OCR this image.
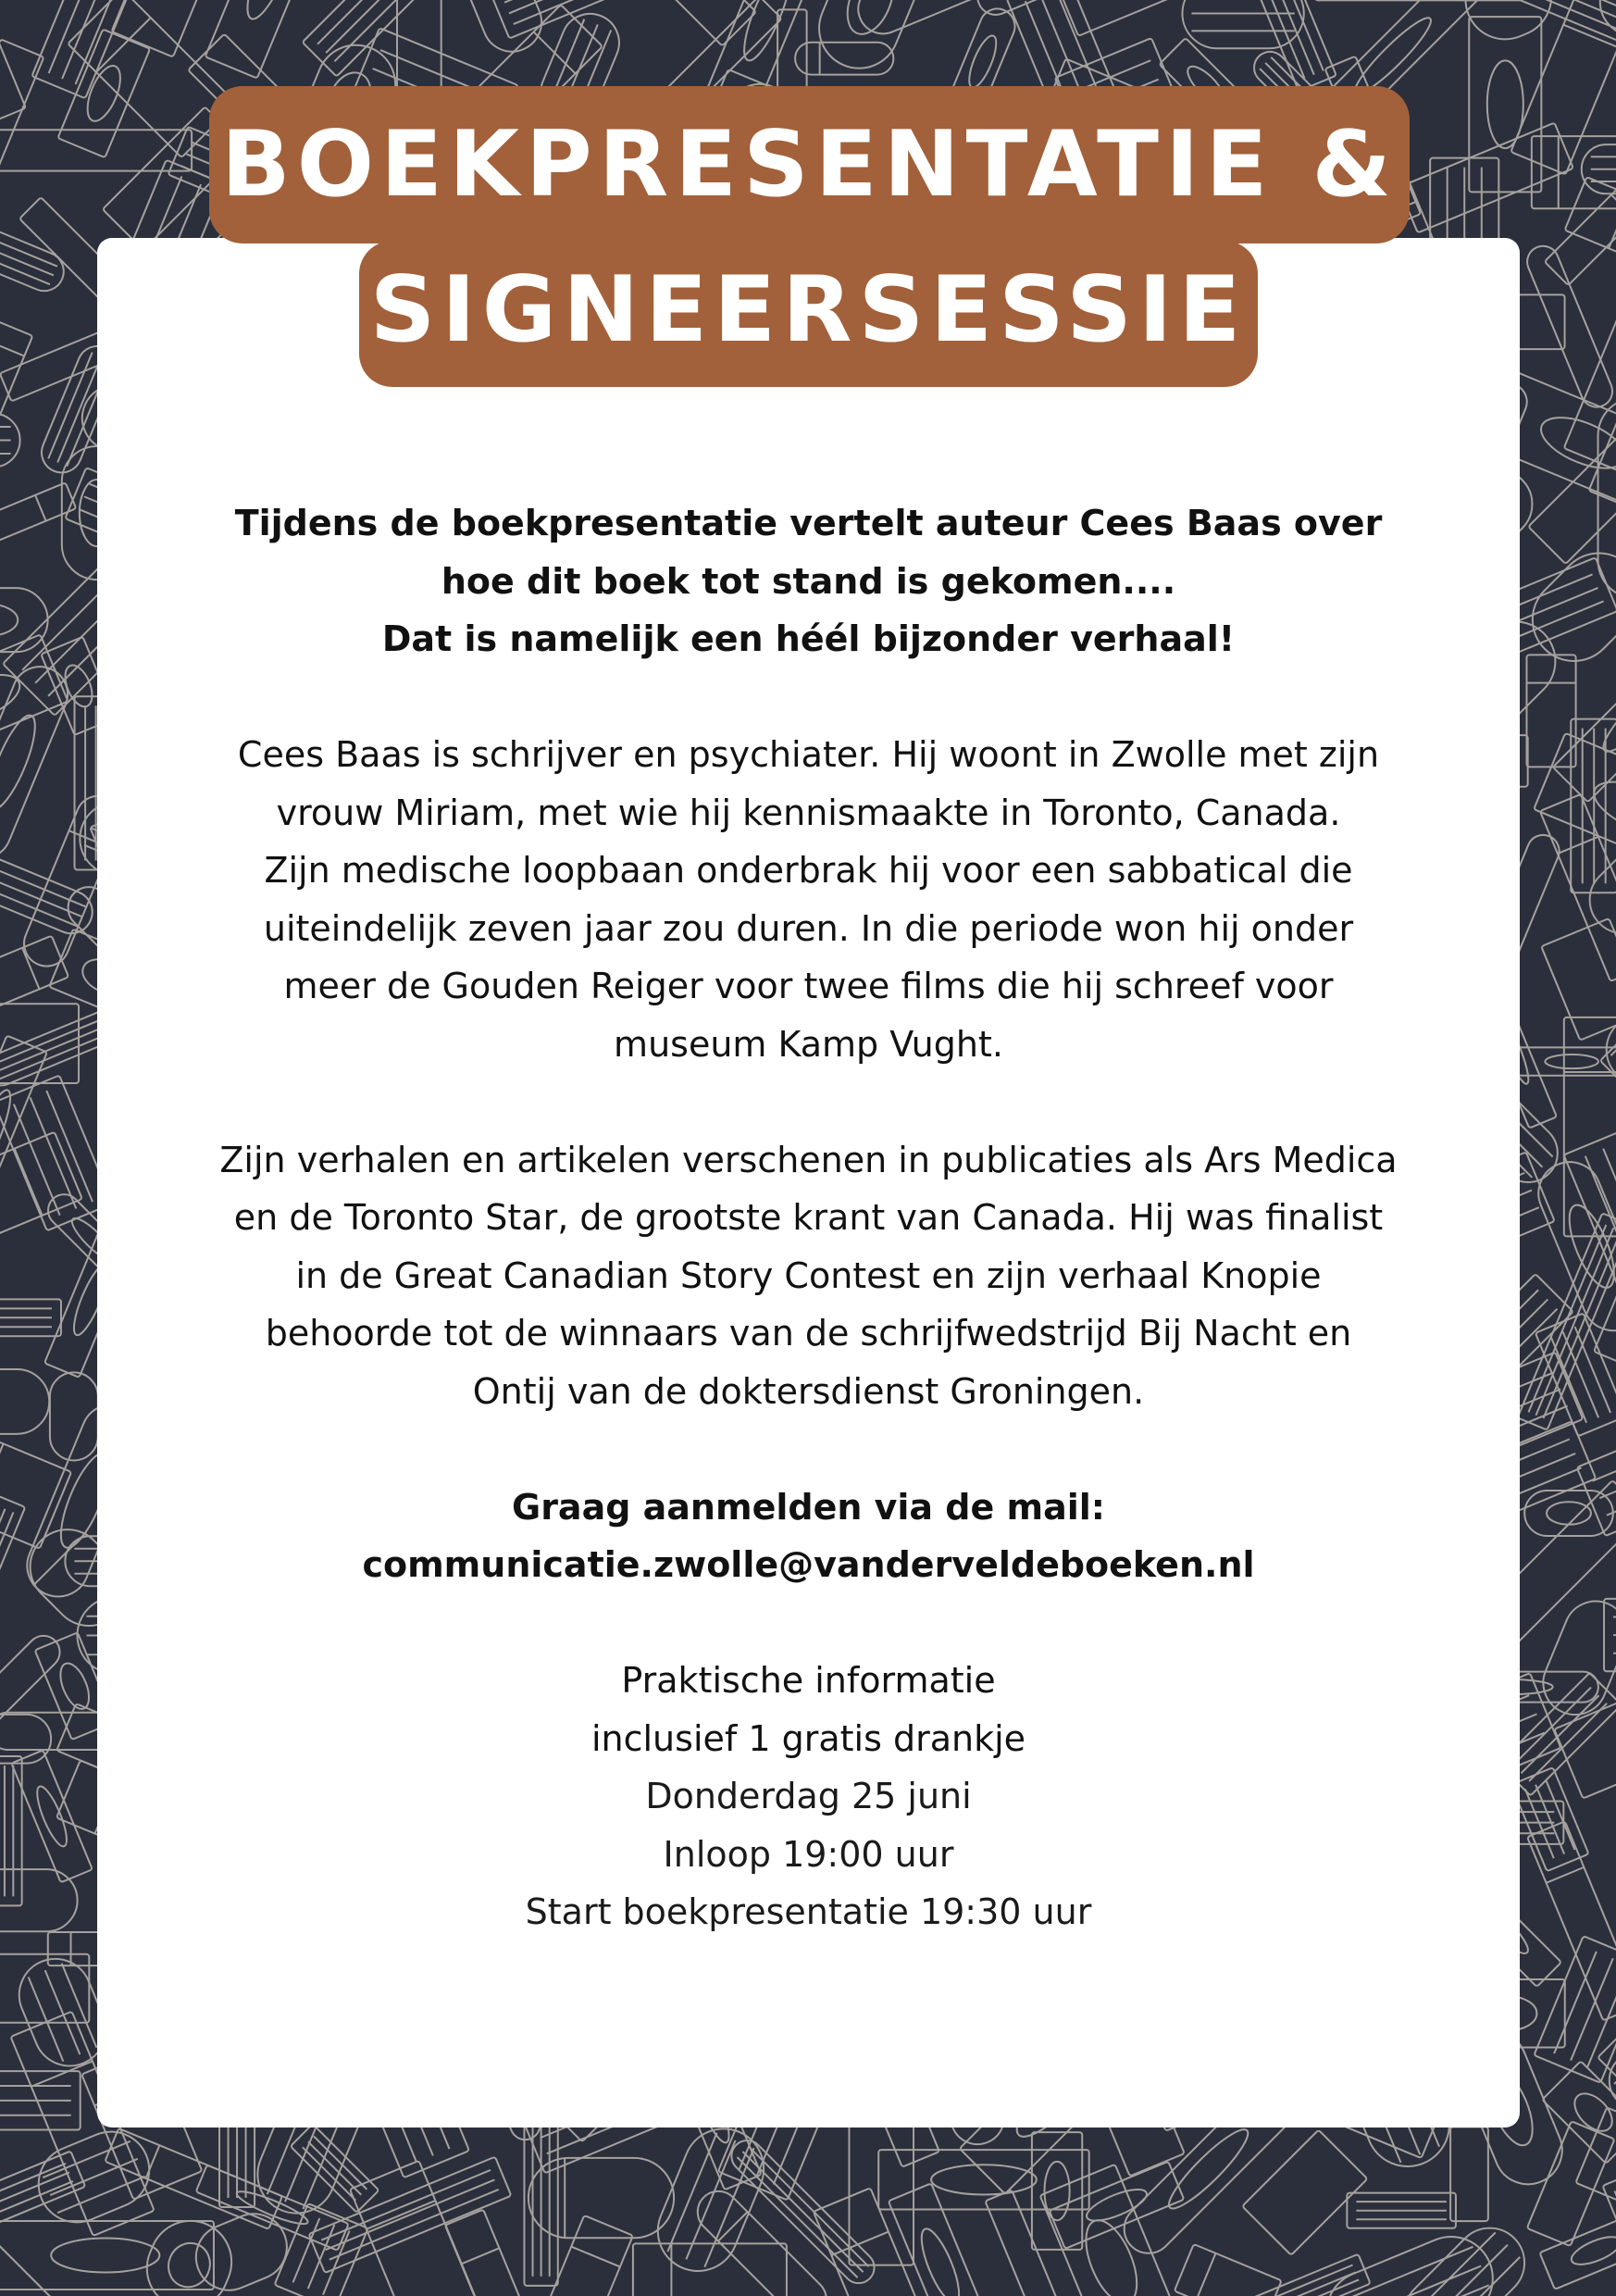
BOEKPRESENTATIE &
SIGNEERSESSIE
Tijdens de boekpresentatie vertelt auteur Cees Baas over
hoe dit boek tot stand is gekomen....
Dat is namelijk een héél bijzonder verhaal!
Cees Baas is schrijver en psychiater. Hij woont in Zwolle met zijn
vrouw Miriam, met wie hij kennismaakte in Toronto, Canada.
Zijn medische loopbaan onderbrak hij voor een sabbatical die
uiteindelijk zeven jaar zou duren. In die periode won hij onder
meer de Gouden Reiger voor twee films die hij schreef voor
museum Kamp Vught.
Zijn verhalen en artikelen verschenen in publicaties als Ars Medica
en de Toronto Star, de grootste krant van Canada. Hij was finalist
in de Great Canadian Story Contest en zijn verhaal Knopie
behoorde tot de winnaars van de schrijfwedstrijd Bij Nacht en
Ontij van de doktersdienst Groningen.
Graag aanmelden via de mail:
communicatie.zwolle@vanderveldeboeken.nl
Praktische informatie
inclusief 1 gratis drankje
Donderdag 25 juni
Inloop 19:00 uur
Start boekpresentatie 19:30 uur
